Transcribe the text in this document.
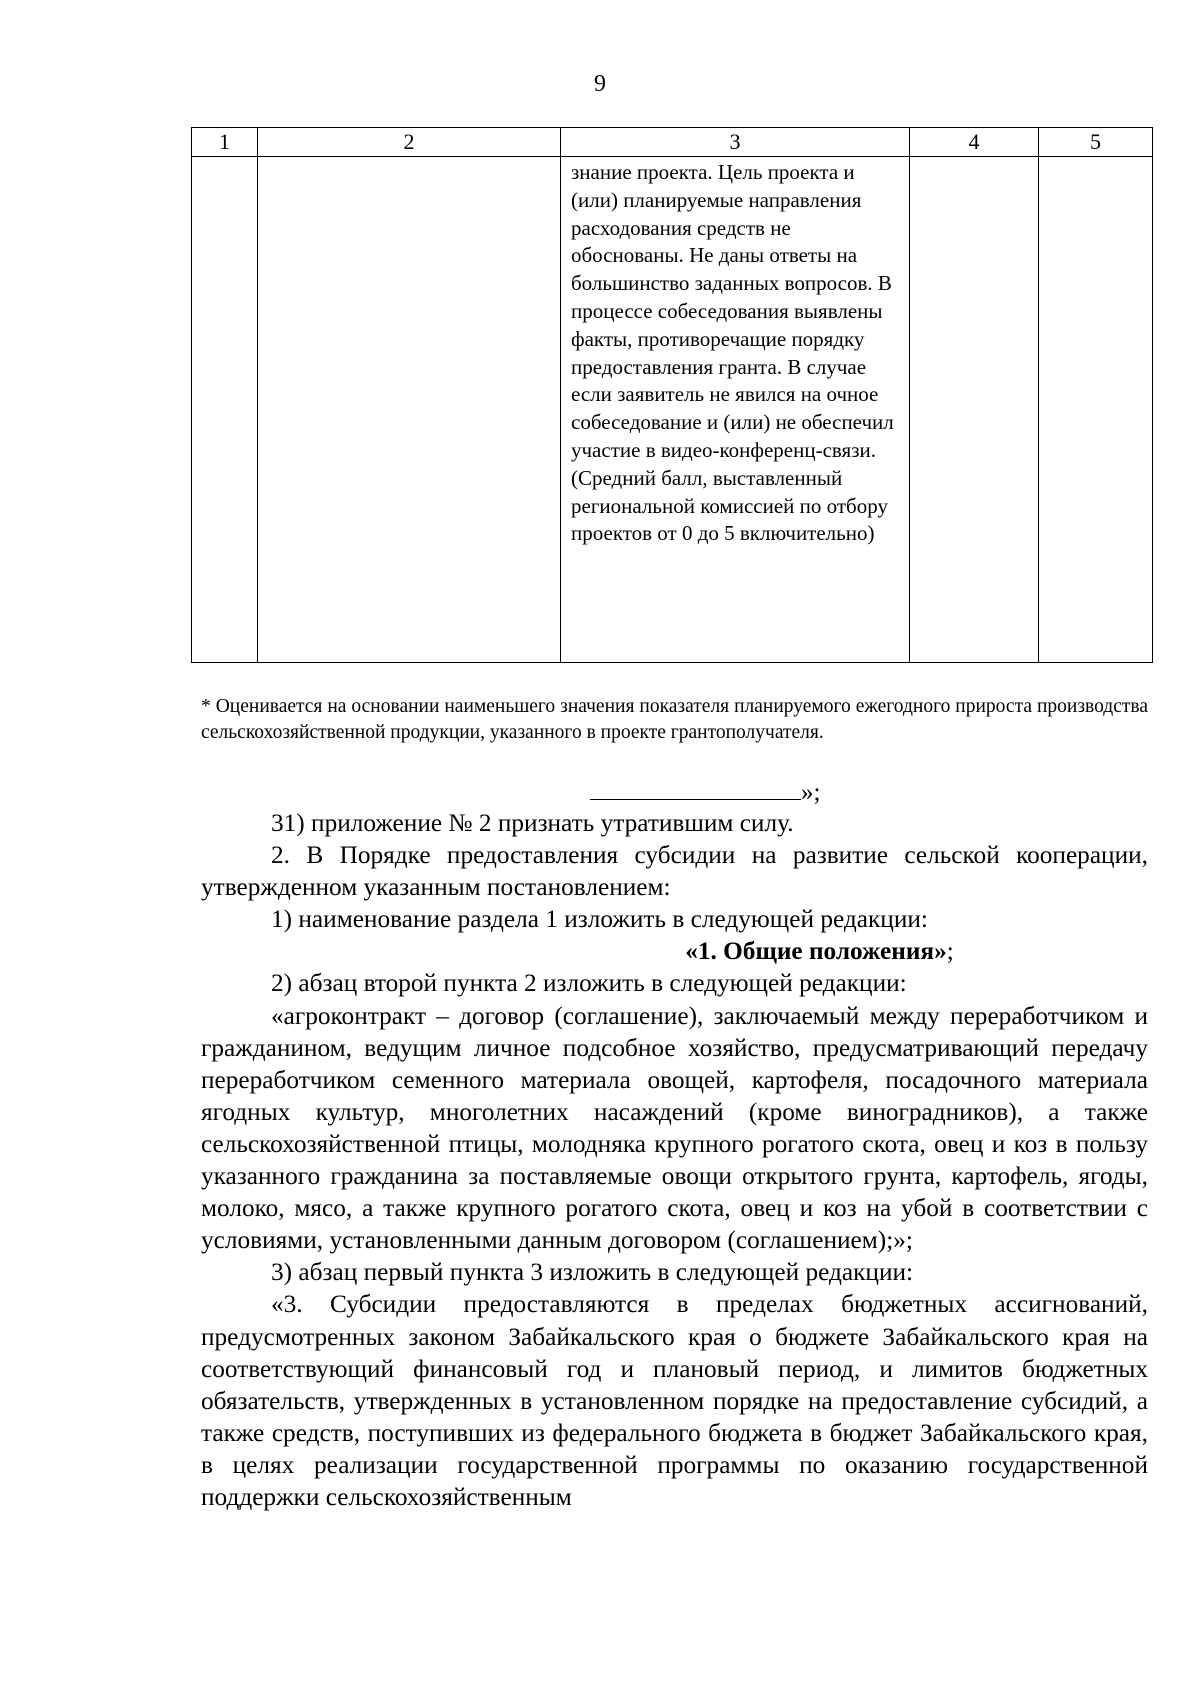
9
1	2	3	4	5
		знание проекта. Цель проекта и (или) планируемые направления расходования средств не обоснованы. Не даны ответы на большинство заданных вопросов. В процессе собеседования выявлены факты, противоречащие порядку предоставления гранта. В случае если заявитель не явился на очное собеседование и (или) не обеспечил участие в видео-конференц-связи. (Средний балл, выставленный региональной комиссией по отбору проектов от 0 до 5 включительно)		
* Оценивается на основании наименьшего значения показателя планируемого ежегодного прироста производства сельскохозяйственной продукции, указанного в проекте грантополучателя.
»;

31) приложение № 2 признать утратившим силу.

2. В Порядке предоставления субсидии на развитие сельской кооперации, утвержденном указанным постановлением:

1) наименование раздела 1 изложить в следующей редакции:

«1. Общие положения»;

2) абзац второй пункта 2 изложить в следующей редакции:

«агроконтракт – договор (соглашение), заключаемый между переработчиком и гражданином, ведущим личное подсобное хозяйство, предусматривающий передачу переработчиком семенного материала овощей, картофеля, посадочного материала ягодных культур, многолетних насаждений (кроме виноградников), а также сельскохозяйственной птицы, молодняка крупного рогатого скота, овец и коз в пользу указанного гражданина за поставляемые овощи открытого грунта, картофель, ягоды, молоко, мясо, а также крупного рогатого скота, овец и коз на убой в соответствии с условиями, установленными данным договором (соглашением);»;

3) абзац первый пункта 3 изложить в следующей редакции:

«3. Субсидии предоставляются в пределах бюджетных ассигнований, предусмотренных законом Забайкальского края о бюджете Забайкальского края на соответствующий финансовый год и плановый период, и лимитов бюджетных обязательств, утвержденных в установленном порядке на предоставление субсидий, а также средств, поступивших из федерального бюджета в бюджет Забайкальского края, в целях реализации государственной программы по оказанию государственной поддержки сельскохозяйственным
